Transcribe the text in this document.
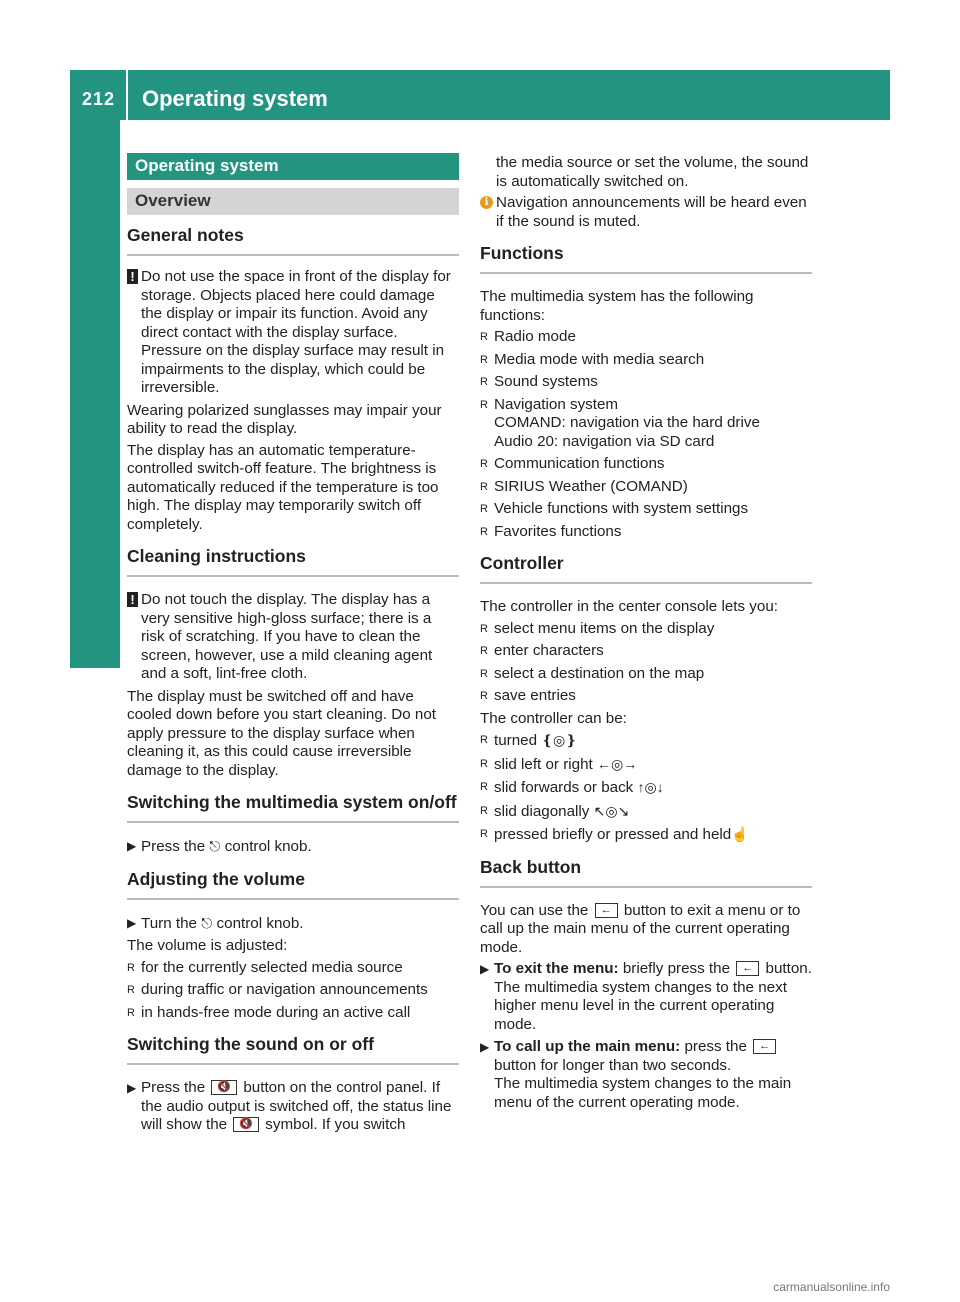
212 Operating system
Multimedia system
Operating system
Overview
General notes
! Do not use the space in front of the display for storage. Objects placed here could damage the display or impair its function. Avoid any direct contact with the display surface. Pressure on the display surface may result in impairments to the display, which could be irreversible.

Wearing polarized sunglasses may impair your ability to read the display.

The display has an automatic temperature-controlled switch-off feature. The brightness is automatically reduced if the temperature is too high. The display may temporarily switch off completely.

Cleaning instructions
! Do not touch the display. The display has a very sensitive high-gloss surface; there is a risk of scratching. If you have to clean the screen, however, use a mild cleaning agent and a soft, lint-free cloth.

The display must be switched off and have cooled down before you start cleaning. Do not apply pressure to the display surface when cleaning it, as this could cause irreversible damage to the display.

Switching the multimedia system on/off
▶ Press the ⎋ control knob.
Adjusting the volume
▶ Turn the ⎋ control knob.

The volume is adjusted:

R for the currently selected media source
R during traffic or navigation announcements
R in hands-free mode during an active call
Switching the sound on or off
▶ Press the 🔇 button on the control panel. If the audio output is switched off, the status line will show the 🔇 symbol. If you switch

the media source or set the volume, the sound is automatically switched on.

i Navigation announcements will be heard even if the sound is muted.
Functions

The multimedia system has the following functions:

R Radio mode
R Media mode with media search
R Sound systems
R Navigation system
COMAND: navigation via the hard drive
Audio 20: navigation via SD card
R Communication functions
R SIRIUS Weather (COMAND)
R Vehicle functions with system settings
R Favorites functions
Controller

The controller in the center console lets you:

R select menu items on the display
R enter characters
R select a destination on the map
R save entries

The controller can be:

R turned ❴◎❵
R slid left or right ←◎→
R slid forwards or back ↑◎↓
R slid diagonally ↖◎↘
R pressed briefly or pressed and held☝
Back button

You can use the ← button to exit a menu or to call up the main menu of the current operating mode.

▶ To exit the menu: briefly press the ← button.
The multimedia system changes to the next higher menu level in the current operating mode.
▶ To call up the main menu: press the ← button for longer than two seconds.
The multimedia system changes to the main menu of the current operating mode.
carmanualsonline.info
